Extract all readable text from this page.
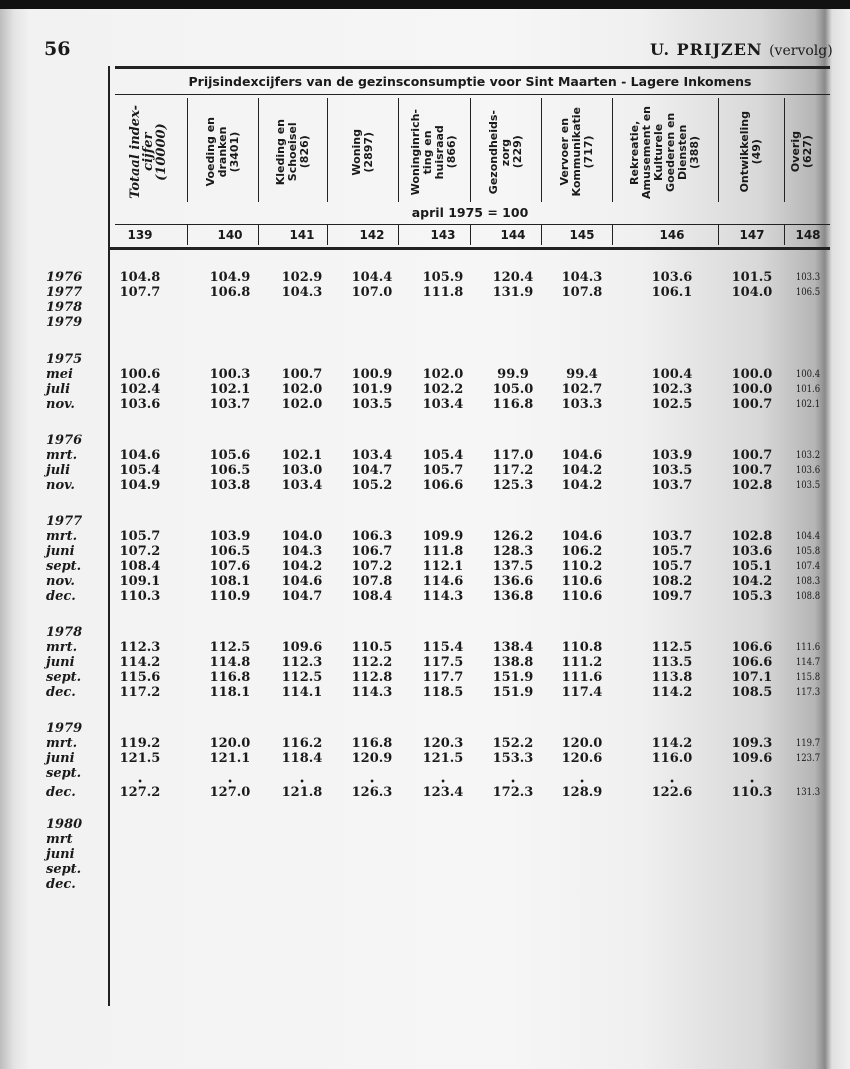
56	U. PRIJZEN (vervolg)
Prijsindexcijfers van de gezinsconsumptie voor Sint Maarten - Lagere Inkomens
april 1975 = 100
Totaal index-
cijfer
(10000)
139
Voeding en
dranken
(3401)
140
Kleding en
Schoeisel
(826)
141
Woning
(2897)
142
Woninginrich-
ting en
huisraad
(866)
143
Gezondheids-
zorg
(229)
144
Vervoer en
Kommunikatie
(717)
145
Rekreatie,
Amusement en
Kulturele
Goederen en
Diensten
(388)
146
Ontwikkeling
(49)
147
Overig
(627)
148
1976	104.8	104.9	102.9	104.4	105.9	120.4	104.3	103.6	101.5	103.3
1977	107.7	106.8	104.3	107.0	111.8	131.9	107.8	106.1	104.0	106.5
1978
1979
1975
mei	100.6	100.3	100.7	100.9	102.0	99.9	99.4	100.4	100.0	100.4
juli	102.4	102.1	102.0	101.9	102.2	105.0	102.7	102.3	100.0	101.6
nov.	103.6	103.7	102.0	103.5	103.4	116.8	103.3	102.5	100.7	102.1
1976
mrt.	104.6	105.6	102.1	103.4	105.4	117.0	104.6	103.9	100.7	103.2
juli	105.4	106.5	103.0	104.7	105.7	117.2	104.2	103.5	100.7	103.6
nov.	104.9	103.8	103.4	105.2	106.6	125.3	104.2	103.7	102.8	103.5
1977
mrt.	105.7	103.9	104.0	106.3	109.9	126.2	104.6	103.7	102.8	104.4
juni	107.2	106.5	104.3	106.7	111.8	128.3	106.2	105.7	103.6	105.8
sept.	108.4	107.6	104.2	107.2	112.1	137.5	110.2	105.7	105.1	107.4
nov.	109.1	108.1	104.6	107.8	114.6	136.6	110.6	108.2	104.2	108.3
dec.	110.3	110.9	104.7	108.4	114.3	136.8	110.6	109.7	105.3	108.8
1978
mrt.	112.3	112.5	109.6	110.5	115.4	138.4	110.8	112.5	106.6	111.6
juni	114.2	114.8	112.3	112.2	117.5	138.8	111.2	113.5	106.6	114.7
sept.	115.6	116.8	112.5	112.8	117.7	151.9	111.6	113.8	107.1	115.8
dec.	117.2	118.1	114.1	114.3	118.5	151.9	117.4	114.2	108.5	117.3
1979
mrt.	119.2	120.0	116.2	116.8	120.3	152.2	120.0	114.2	109.3	119.7
juni	121.5	121.1	118.4	120.9	121.5	153.3	120.6	116.0	109.6	123.7
sept.
dec.	• 127.2	• 127.0	• 121.8	• 126.3	• 123.4	• 172.3	• 128.9	• 122.6	• 110.3	131.3
1980
mrt
juni
sept.
dec.
